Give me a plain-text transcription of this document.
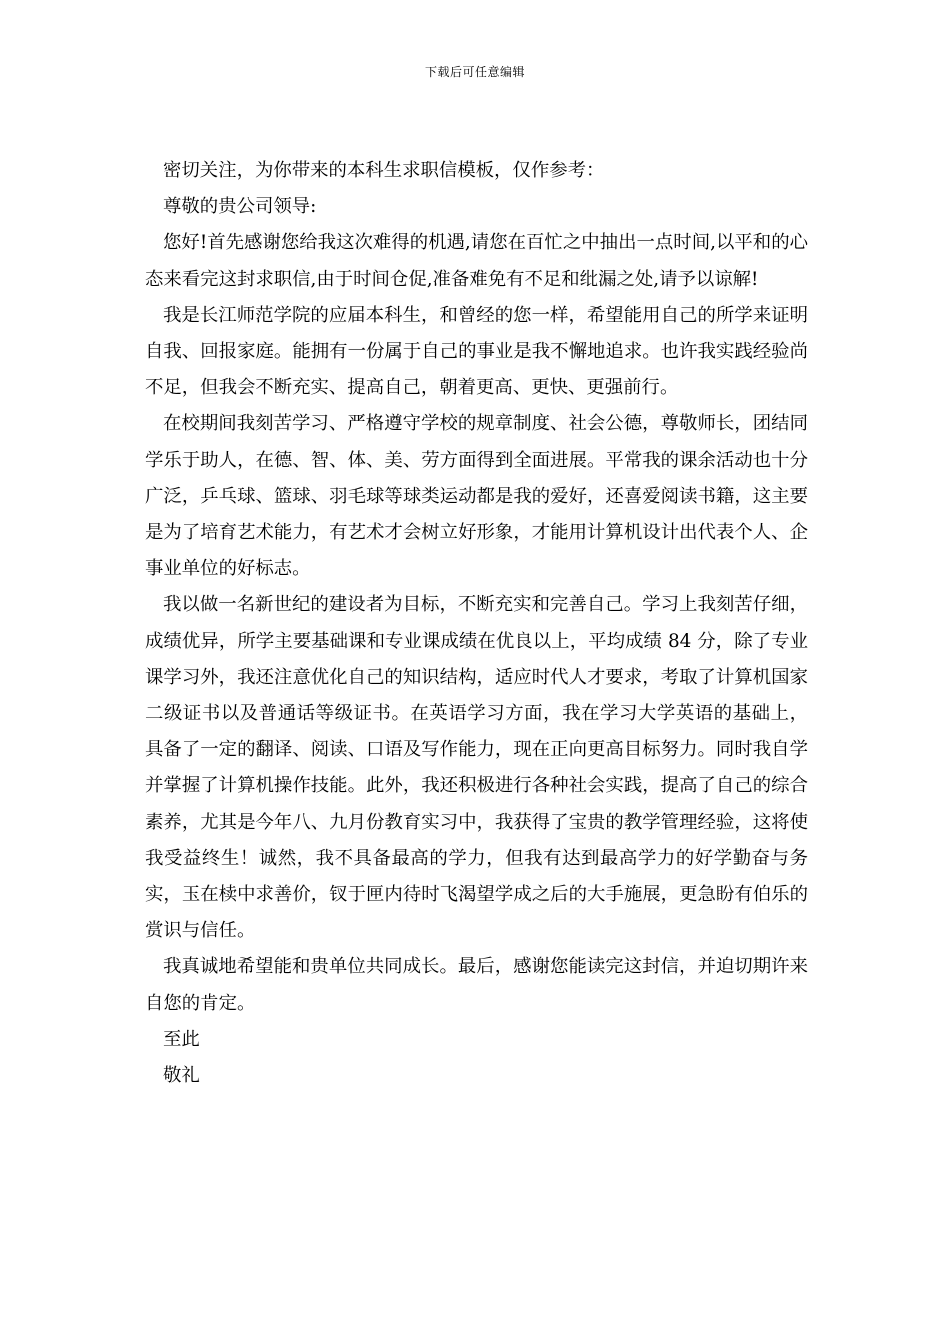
下载后可任意编辑

密切关注，为你带来的本科生求职信模板，仅作参考：

尊敬的贵公司领导:

您好!首先感谢您给我这次难得的机遇,请您在百忙之中抽出一点时间,以平和的心态来看完这封求职信,由于时间仓促,准备难免有不足和纰漏之处,请予以谅解!

我是长江师范学院的应届本科生，和曾经的您一样，希望能用自己的所学来证明自我、回报家庭。能拥有一份属于自己的事业是我不懈地追求。也许我实践经验尚不足，但我会不断充实、提高自己，朝着更高、更快、更强前行。

在校期间我刻苦学习、严格遵守学校的规章制度、社会公德，尊敬师长，团结同学乐于助人，在德、智、体、美、劳方面得到全面进展。平常我的课余活动也十分广泛，乒乓球、篮球、羽毛球等球类运动都是我的爱好，还喜爱阅读书籍，这主要是为了培育艺术能力，有艺术才会树立好形象，才能用计算机设计出代表个人、企事业单位的好标志。

我以做一名新世纪的建设者为目标，不断充实和完善自己。学习上我刻苦仔细，成绩优异，所学主要基础课和专业课成绩在优良以上，平均成绩 84 分，除了专业课学习外，我还注意优化自己的知识结构，适应时代人才要求，考取了计算机国家二级证书以及普通话等级证书。在英语学习方面，我在学习大学英语的基础上， 具备了一定的翻译、阅读、口语及写作能力，现在正向更高目标努力。同时我自学并掌握了计算机操作技能。此外，我还积极进行各种社会实践，提高了自己的综合素养，尤其是今年八、九月份教育实习中，我获得了宝贵的教学管理经验，这将使我受益终生！诚然，我不具备最高的学力，但我有达到最高学力的好学勤奋与务实，玉在椟中求善价，钗于匣内待时飞渴望学成之后的大手施展，更急盼有伯乐的赏识与信任。

我真诚地希望能和贵单位共同成长。最后，感谢您能读完这封信，并迫切期许来自您的肯定。

至此

敬礼
